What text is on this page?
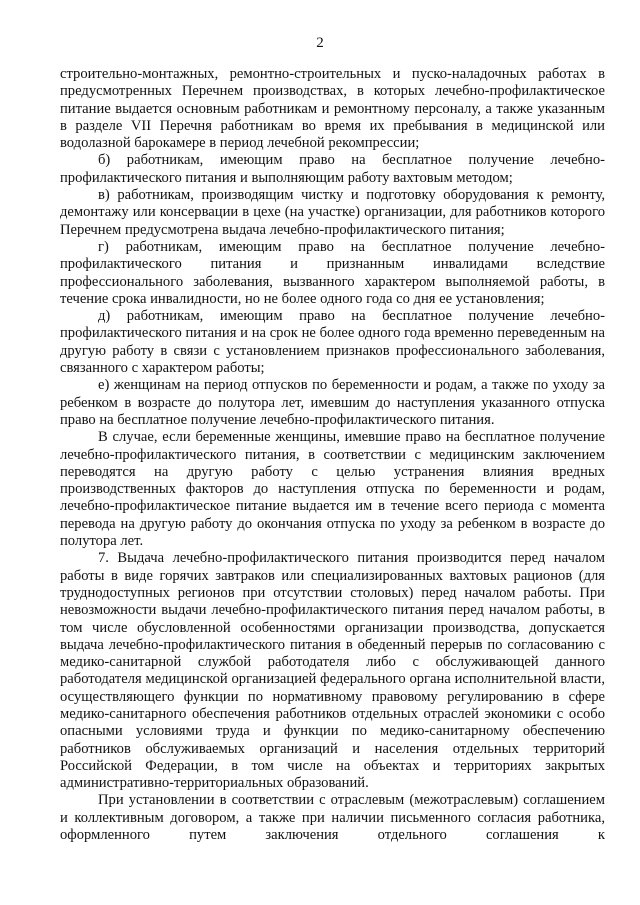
2

строительно-монтажных, ремонтно-строительных и пуско-наладочных работах в предусмотренных Перечнем производствах, в которых лечебно-профилактическое питание выдается основным работникам и ремонтному персоналу, а также указанным в разделе VII Перечня работникам во время их пребывания в медицинской или водолазной барокамере в период лечебной рекомпрессии;

б) работникам, имеющим право на бесплатное получение лечебно-профилактического питания и выполняющим работу вахтовым методом;

в) работникам, производящим чистку и подготовку оборудования к ремонту, демонтажу или консервации в цехе (на участке) организации, для работников которого Перечнем предусмотрена выдача лечебно-профилактического питания;

г) работникам, имеющим право на бесплатное получение лечебно-профилактического питания и признанным инвалидами вследствие профессионального заболевания, вызванного характером выполняемой работы, в течение срока инвалидности, но не более одного года со дня ее установления;

д) работникам, имеющим право на бесплатное получение лечебно-профилактического питания и на срок не более одного года временно переведенным на другую работу в связи с установлением признаков профессионального заболевания, связанного с характером работы;

е) женщинам на период отпусков по беременности и родам, а также по уходу за ребенком в возрасте до полутора лет, имевшим до наступления указанного отпуска право на бесплатное получение лечебно-профилактического питания.

В случае, если беременные женщины, имевшие право на бесплатное получение лечебно-профилактического питания, в соответствии с медицинским заключением переводятся на другую работу с целью устранения влияния вредных производственных факторов до наступления отпуска по беременности и родам, лечебно-профилактическое питание выдается им в течение всего периода с момента перевода на другую работу до окончания отпуска по уходу за ребенком в возрасте до полутора лет.

7. Выдача лечебно-профилактического питания производится перед началом работы в виде горячих завтраков или специализированных вахтовых рационов (для труднодоступных регионов при отсутствии столовых) перед началом работы. При невозможности выдачи лечебно-профилактического питания перед началом работы, в том числе обусловленной особенностями организации производства, допускается выдача лечебно-профилактического питания в обеденный перерыв по согласованию с медико-санитарной службой работодателя либо с обслуживающей данного работодателя медицинской организацией федерального органа исполнительной власти, осуществляющего функции по нормативному правовому регулированию в сфере медико-санитарного обеспечения работников отдельных отраслей экономики с особо опасными условиями труда и функции по медико-санитарному обеспечению работников обслуживаемых организаций и населения отдельных территорий Российской Федерации, в том числе на объектах и территориях закрытых административно-территориальных образований.

При установлении в соответствии с отраслевым (межотраслевым) соглашением и коллективным договором, а также при наличии письменного согласия работника, оформленного путем заключения отдельного соглашения к
